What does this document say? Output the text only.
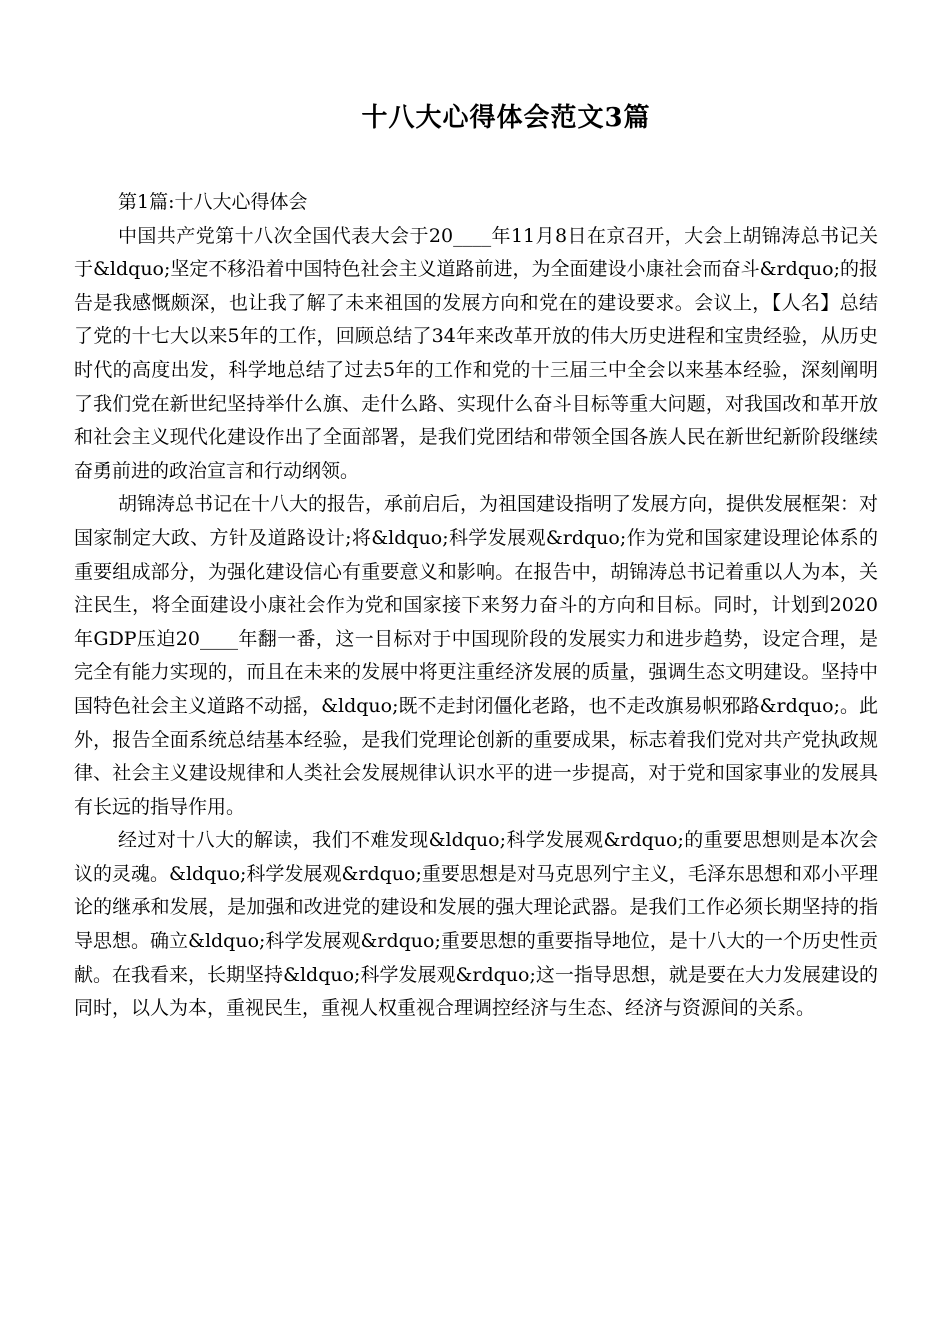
十八大心得体会范文3篇
第1篇:十八大心得体会

中国共产党第十八次全国代表大会于20____年11月8日在京召开，大会上胡锦涛总书记关于&ldquo;坚定不移沿着中国特色社会主义道路前进，为全面建设小康社会而奋斗&rdquo;的报告是我感慨颇深，也让我了解了未来祖国的发展方向和党在的建设要求。会议上，【人名】总结了党的十七大以来5年的工作，回顾总结了34年来改革开放的伟大历史进程和宝贵经验，从历史时代的高度出发，科学地总结了过去5年的工作和党的十三届三中全会以来基本经验，深刻阐明了我们党在新世纪坚持举什么旗、走什么路、实现什么奋斗目标等重大问题，对我国改和革开放和社会主义现代化建设作出了全面部署，是我们党团结和带领全国各族人民在新世纪新阶段继续奋勇前进的政治宣言和行动纲领。

胡锦涛总书记在十八大的报告，承前启后，为祖国建设指明了发展方向，提供发展框架：对国家制定大政、方针及道路设计;将&ldquo;科学发展观&rdquo;作为党和国家建设理论体系的重要组成部分，为强化建设信心有重要意义和影响。在报告中，胡锦涛总书记着重以人为本，关注民生，将全面建设小康社会作为党和国家接下来努力奋斗的方向和目标。同时，计划到2020年GDP压迫20____年翻一番，这一目标对于中国现阶段的发展实力和进步趋势，设定合理，是完全有能力实现的，而且在未来的发展中将更注重经济发展的质量，强调生态文明建设。坚持中国特色社会主义道路不动摇，&ldquo;既不走封闭僵化老路，也不走改旗易帜邪路&rdquo;。此外，报告全面系统总结基本经验，是我们党理论创新的重要成果，标志着我们党对共产党执政规律、社会主义建设规律和人类社会发展规律认识水平的进一步提高，对于党和国家事业的发展具有长远的指导作用。

经过对十八大的解读，我们不难发现&ldquo;科学发展观&rdquo;的重要思想则是本次会议的灵魂。&ldquo;科学发展观&rdquo;重要思想是对马克思列宁主义，毛泽东思想和邓小平理论的继承和发展，是加强和改进党的建设和发展的强大理论武器。是我们工作必须长期坚持的指导思想。确立&ldquo;科学发展观&rdquo;重要思想的重要指导地位，是十八大的一个历史性贡献。在我看来，长期坚持&ldquo;科学发展观&rdquo;这一指导思想，就是要在大力发展建设的同时，以人为本，重视民生，重视人权重视合理调控经济与生态、经济与资源间的关系。
